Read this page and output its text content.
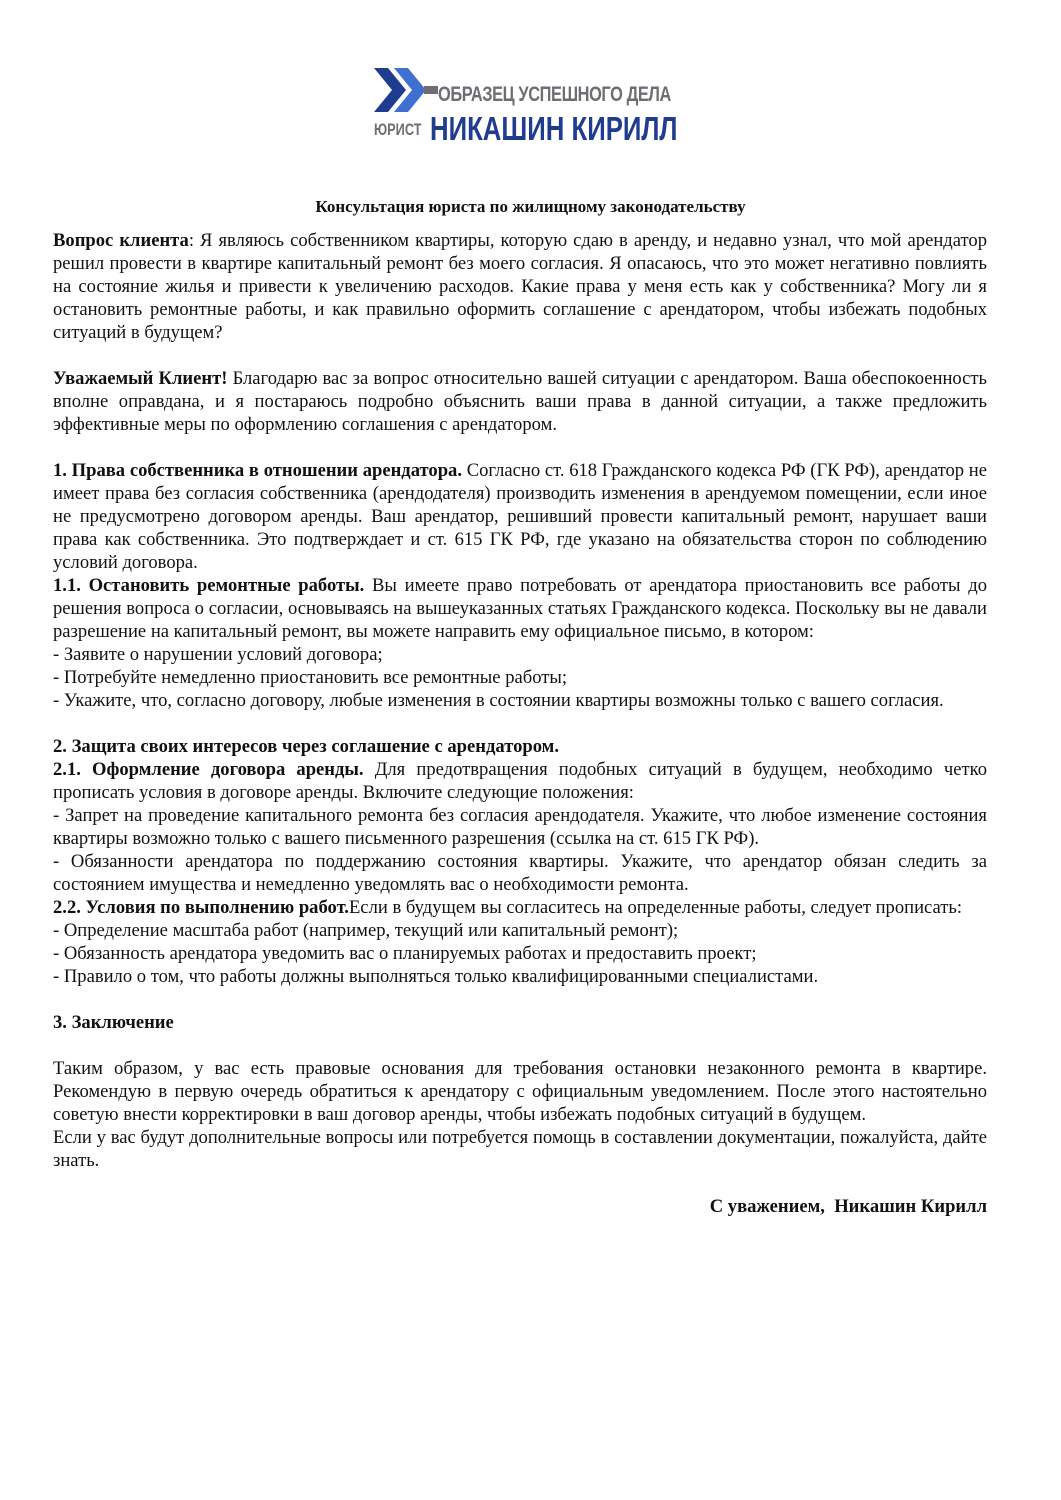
ОБРАЗЕЦ УСПЕШНОГО ДЕЛА
ЮРИСТ НИКАШИН КИРИЛЛ
Консультация юриста по жилищному законодательству

Вопрос клиента: Я являюсь собственником квартиры, которую сдаю в аренду, и недавно узнал, что мой арендатор решил провести в квартире капитальный ремонт без моего согласия. Я опасаюсь, что это может негативно повлиять на состояние жилья и привести к увеличению расходов. Какие права у меня есть как у собственника? Могу ли я остановить ремонтные работы, и как правильно оформить соглашение с арендатором, чтобы избежать подобных ситуаций в будущем?

Уважаемый Клиент! Благодарю вас за вопрос относительно вашей ситуации с арендатором. Ваша обеспокоенность вполне оправдана, и я постараюсь подробно объяснить ваши права в данной ситуации, а также предложить эффективные меры по оформлению соглашения с арендатором.

1. Права собственника в отношении арендатора. Согласно ст. 618 Гражданского кодекса РФ (ГК РФ), арендатор не имеет права без согласия собственника (арендодателя) производить изменения в арендуемом помещении, если иное не предусмотрено договором аренды. Ваш арендатор, решивший провести капитальный ремонт, нарушает ваши права как собственника. Это подтверждает и ст. 615 ГК РФ, где указано на обязательства сторон по соблюдению условий договора.

1.1. Остановить ремонтные работы. Вы имеете право потребовать от арендатора приостановить все работы до решения вопроса о согласии, основываясь на вышеуказанных статьях Гражданского кодекса. Поскольку вы не давали разрешение на капитальный ремонт, вы можете направить ему официальное письмо, в котором:

- Заявите о нарушении условий договора;

- Потребуйте немедленно приостановить все ремонтные работы;

- Укажите, что, согласно договору, любые изменения в состоянии квартиры возможны только с вашего согласия.

2. Защита своих интересов через соглашение с арендатором.

2.1. Оформление договора аренды. Для предотвращения подобных ситуаций в будущем, необходимо четко прописать условия в договоре аренды. Включите следующие положения:

- Запрет на проведение капитального ремонта без согласия арендодателя. Укажите, что любое изменение состояния квартиры возможно только с вашего письменного разрешения (ссылка на ст. 615 ГК РФ).

- Обязанности арендатора по поддержанию состояния квартиры. Укажите, что арендатор обязан следить за состоянием имущества и немедленно уведомлять вас о необходимости ремонта.

2.2. Условия по выполнению работ.Если в будущем вы согласитесь на определенные работы, следует прописать:

- Определение масштаба работ (например, текущий или капитальный ремонт);

- Обязанность арендатора уведомить вас о планируемых работах и предоставить проект;

- Правило о том, что работы должны выполняться только квалифицированными специалистами.

3. Заключение

Таким образом, у вас есть правовые основания для требования остановки незаконного ремонта в квартире. Рекомендую в первую очередь обратиться к арендатору с официальным уведомлением. После этого настоятельно советую внести корректировки в ваш договор аренды, чтобы избежать подобных ситуаций в будущем.

Если у вас будут дополнительные вопросы или потребуется помощь в составлении документации, пожалуйста, дайте знать.

С уважением,  Никашин Кирилл
